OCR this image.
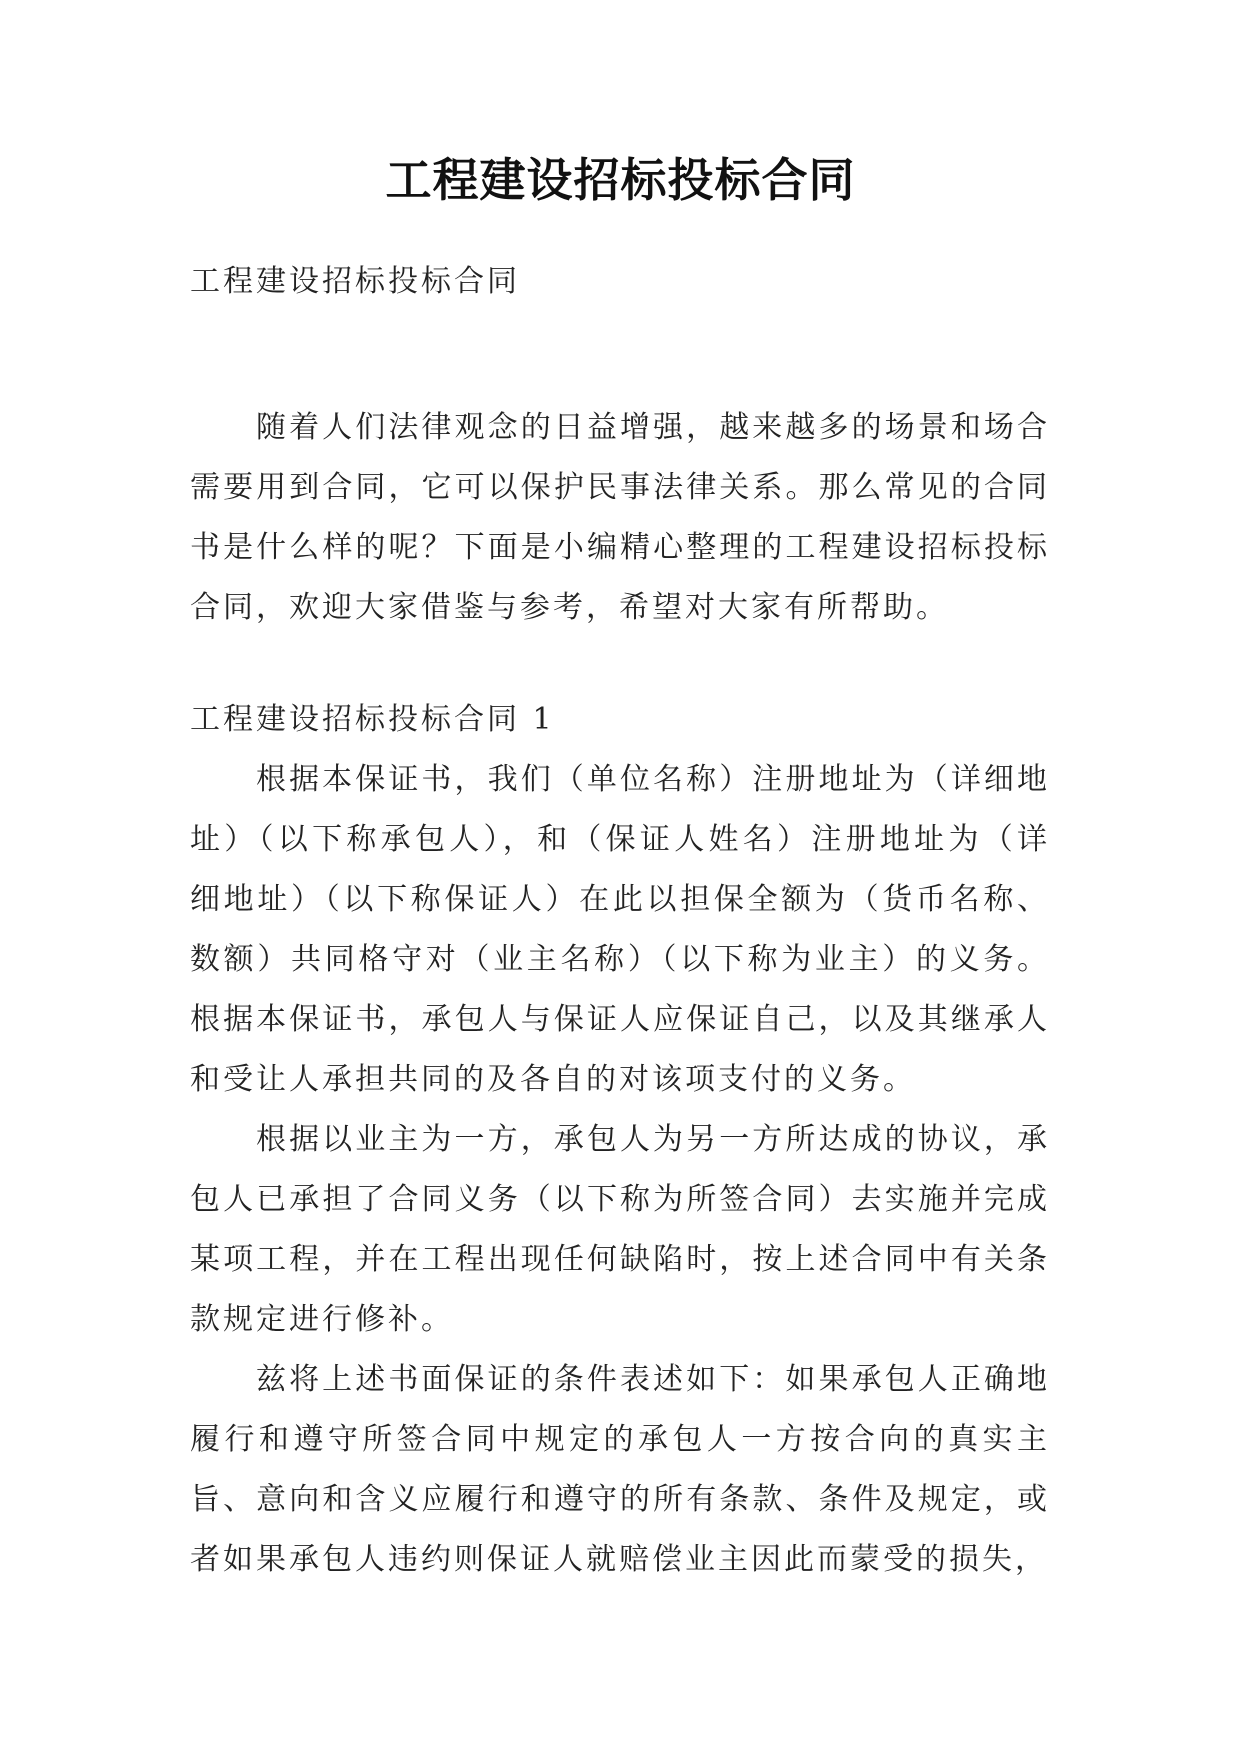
工程建设招标投标合同
工程建设招标投标合同

随着人们法律观念的日益增强，越来越多的场景和场合需要用到合同，它可以保护民事法律关系。那么常见的合同书是什么样的呢？下面是小编精心整理的工程建设招标投标合同，欢迎大家借鉴与参考，希望对大家有所帮助。

工程建设招标投标合同 1

根据本保证书，我们（单位名称）注册地址为（详细地址）（以下称承包人），和（保证人姓名）注册地址为（详细地址）（以下称保证人）在此以担保全额为（货币名称、数额）共同格守对（业主名称）（以下称为业主）的义务。根据本保证书，承包人与保证人应保证自己，以及其继承人和受让人承担共同的及各自的对该项支付的义务。

根据以业主为一方，承包人为另一方所达成的协议，承包人已承担了合同义务（以下称为所签合同）去实施并完成某项工程，并在工程出现任何缺陷时，按上述合同中有关条款规定进行修补。

兹将上述书面保证的条件表述如下：如果承包人正确地履行和遵守所签合同中规定的承包人一方按合向的真实主旨、意向和含义应履行和遵守的所有条款、条件及规定，或者如果承包人违约则保证人就赔偿业主因此而蒙受的损失，
